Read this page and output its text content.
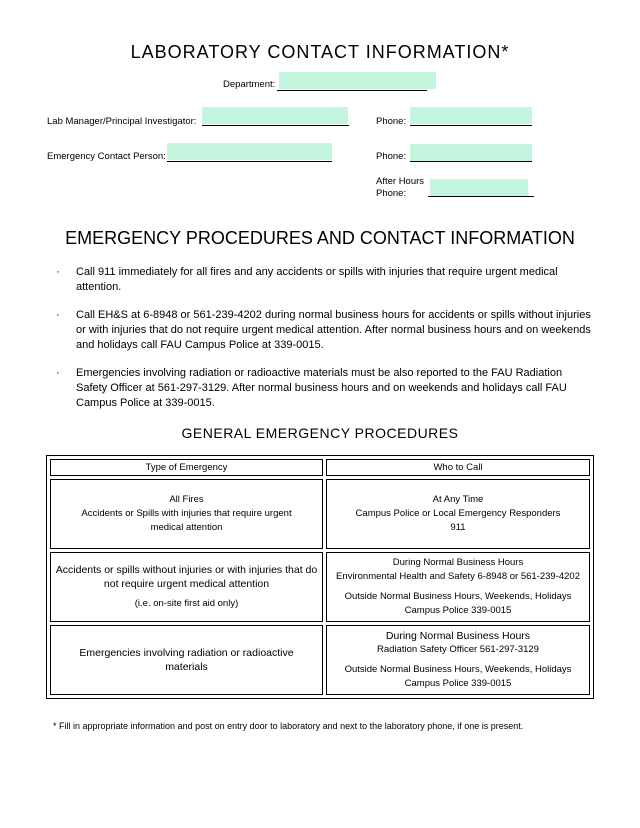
LABORATORY CONTACT INFORMATION*
Department:
Lab Manager/Principal Investigator:	Phone:
Emergency Contact Person:	Phone:
After Hours
Phone:
EMERGENCY PROCEDURES AND CONTACT INFORMATION
· Call 911 immediately for all fires and any accidents or spills with injuries that require urgent medical attention.
· Call EH&S at 6-8948 or 561-239-4202 during normal business hours for accidents or spills without injuries or with injuries that do not require urgent medical attention. After normal business hours and on weekends and holidays call FAU Campus Police at 339-0015.
· Emergencies involving radiation or radioactive materials must be also reported to the FAU Radiation Safety Officer at 561-297-3129. After normal business hours and on weekends and holidays call FAU Campus Police at 339-0015.
GENERAL EMERGENCY PROCEDURES
Type of Emergency	Who to Call

All Fires
Accidents or Spills with injuries that require urgent medical attention	At Any Time
Campus Police or Local Emergency Responders
911

Accidents or spills without injuries or with injuries that do not require urgent medical attention
(i.e. on-site first aid only)	During Normal Business Hours
Environmental Health and Safety 6-8948 or 561-239-4202
Outside Normal Business Hours, Weekends, Holidays
Campus Police 339-0015

Emergencies involving radiation or radioactive materials	During Normal Business Hours
Radiation Safety Officer 561-297-3129
Outside Normal Business Hours, Weekends, Holidays
Campus Police 339-0015
* Fill in appropriate information and post on entry door to laboratory and next to the laboratory phone, if one is present.
